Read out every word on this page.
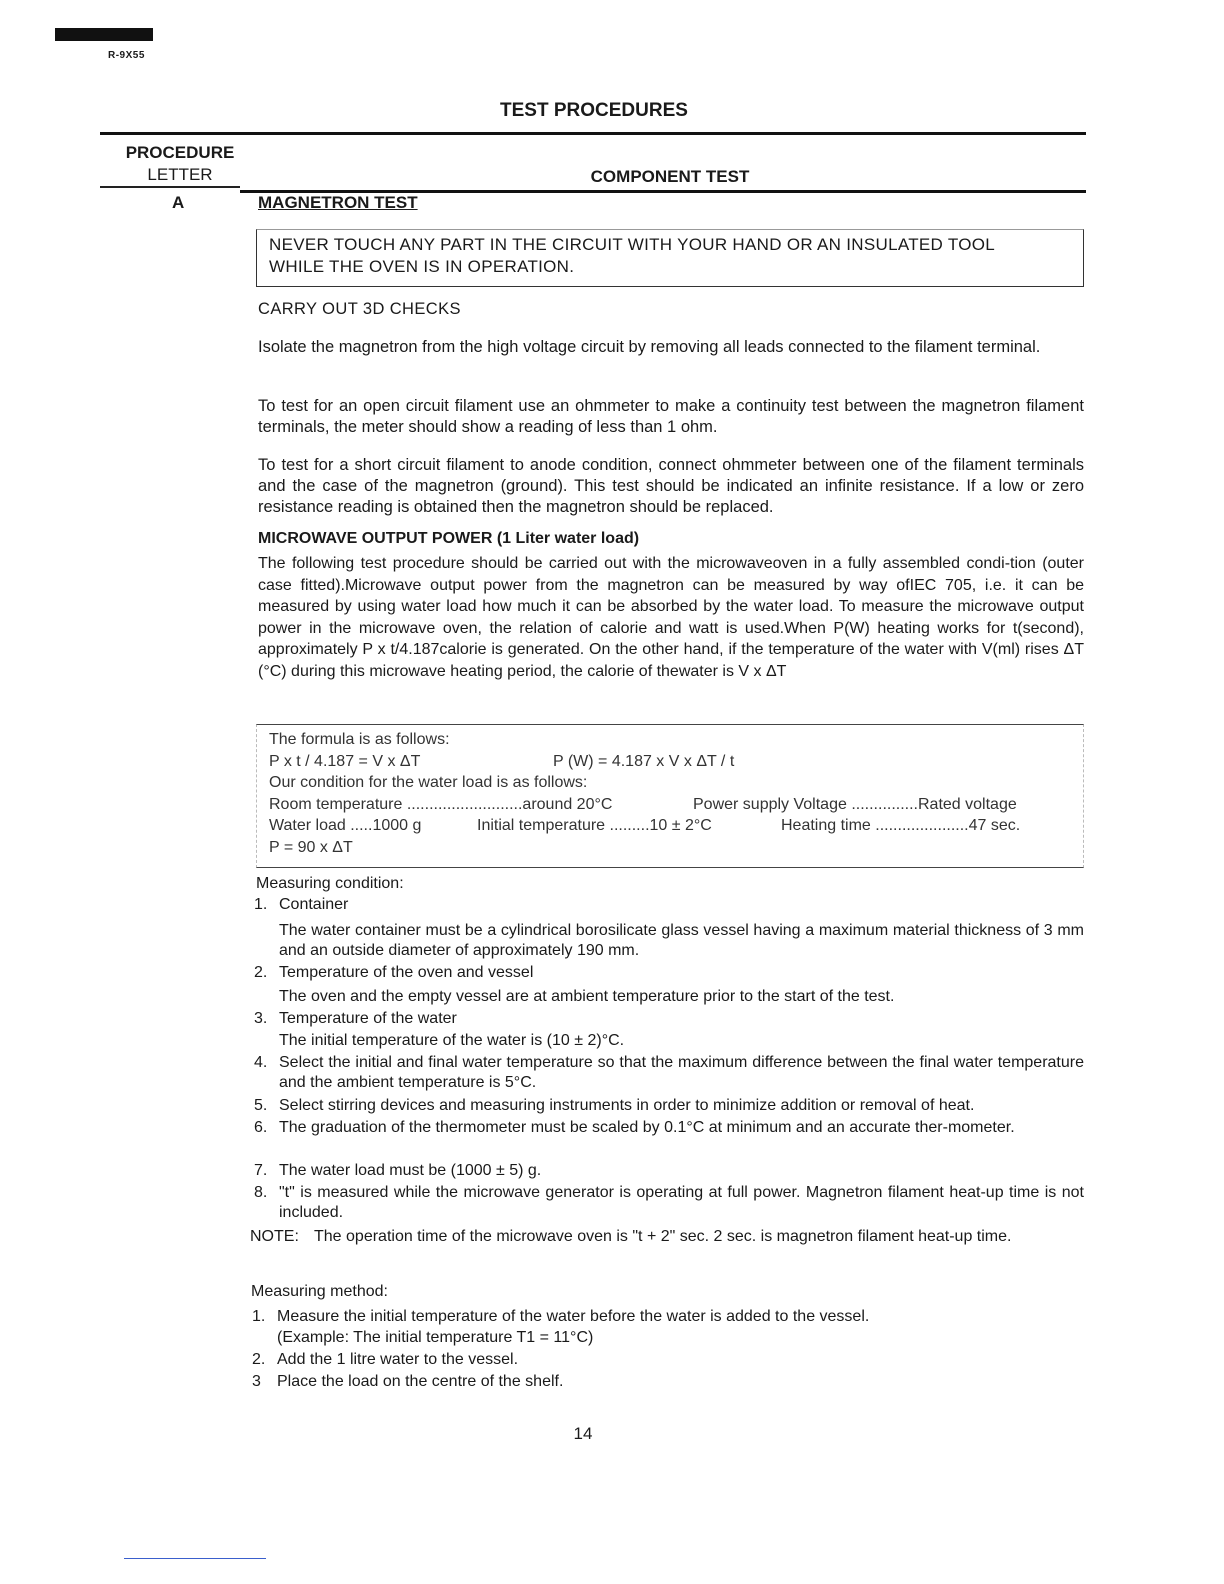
R-9X55
TEST PROCEDURES
PROCEDURE
LETTER	COMPONENT TEST
A	MAGNETRON TEST
NEVER TOUCH ANY PART IN THE CIRCUIT WITH YOUR HAND OR AN INSULATED TOOL
WHILE THE OVEN IS IN OPERATION.
CARRY OUT 3D CHECKS
Isolate the magnetron from the high voltage circuit by removing all leads connected to the filament terminal.
To test for an open circuit filament use an ohmmeter to make a continuity test between the magnetron filament terminals, the meter should show a reading of less than 1 ohm.
To test for a short circuit filament to anode condition, connect ohmmeter between one of the filament terminals and the case of the magnetron (ground). This test should be indicated an infinite resistance. If a low or zero resistance reading is obtained then the magnetron should be replaced.
MICROWAVE OUTPUT POWER (1 Liter water load)
The following test procedure should be carried out with the microwaveoven in a fully assembled condi-tion (outer case fitted).Microwave output power from the magnetron can be measured by way ofIEC 705, i.e. it can be measured by using water load how much it can be absorbed by the water load. To measure the microwave output power in the microwave oven, the relation of calorie and watt is used.When P(W) heating works for t(second), approximately P x t/4.187calorie is generated. On the other hand, if the temperature of the water with V(ml) rises ΔT (°C) during this microwave heating period, the calorie of thewater is V x ΔT
The formula is as follows:
P x t / 4.187 = V x ΔT	P (W) = 4.187 x V x ΔT / t
Our condition for the water load is as follows:
Room temperature ..........................around 20°C	Power supply Voltage ...............Rated voltage
Water load .....1000 g	Initial temperature .........10 ± 2°C	Heating time .....................47 sec.
P = 90 x ΔT
Measuring condition:
1. Container
The water container must be a cylindrical borosilicate glass vessel having a maximum material thickness of 3 mm and an outside diameter of approximately 190 mm.
2. Temperature of the oven and vessel
The oven and the empty vessel are at ambient temperature prior to the start of the test.
3. Temperature of the water
The initial temperature of the water is (10 ± 2)°C.
4. Select the initial and final water temperature so that the maximum difference between the final water temperature and the ambient temperature is 5°C.
5. Select stirring devices and measuring instruments in order to minimize addition or removal of heat.
6. The graduation of the thermometer must be scaled by 0.1°C at minimum and an accurate ther-mometer.
7. The water load must be (1000 ± 5) g.
8. "t" is measured while the microwave generator is operating at full power. Magnetron filament heat-up time is not included.
NOTE: The operation time of the microwave oven is "t + 2" sec. 2 sec. is magnetron filament heat-up time.
Measuring method:
1. Measure the initial temperature of the water before the water is added to the vessel.
(Example: The initial temperature T1 = 11°C)
2. Add the 1 litre water to the vessel.
3 Place the load on the centre of the shelf.
14
